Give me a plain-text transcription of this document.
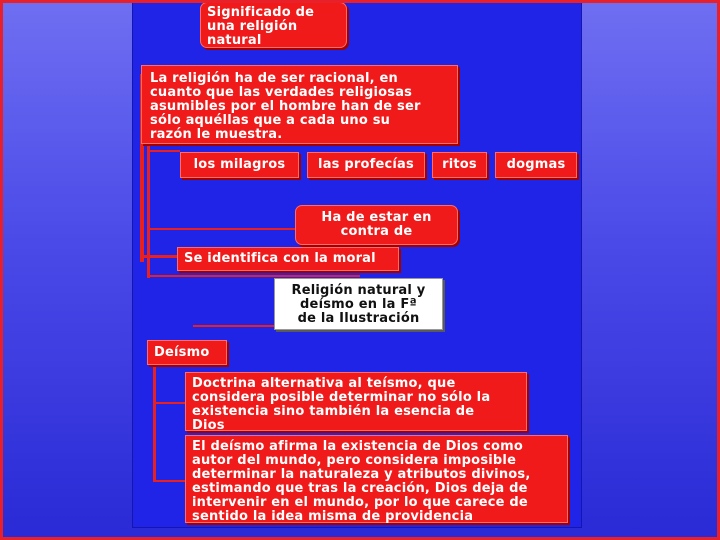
Significado de
una religión
natural
La religión ha de ser racional, en
cuanto que las verdades religiosas
asumibles por el hombre han de ser
sólo aquéllas que a cada uno su
razón le muestra.
los milagros	las profecías	ritos	dogmas
Ha de estar en
contra de
Se identifica con la moral
Religión natural y
deísmo en la Fª
de la Ilustración
Deísmo
Doctrina alternativa al teísmo, que
considera posible determinar no sólo la
existencia sino también la esencia de
Dios
El deísmo afirma la existencia de Dios como
autor del mundo, pero considera imposible
determinar la naturaleza y atributos divinos,
estimando que tras la creación, Dios deja de
intervenir en el mundo, por lo que carece de
sentido la idea misma de providencia
